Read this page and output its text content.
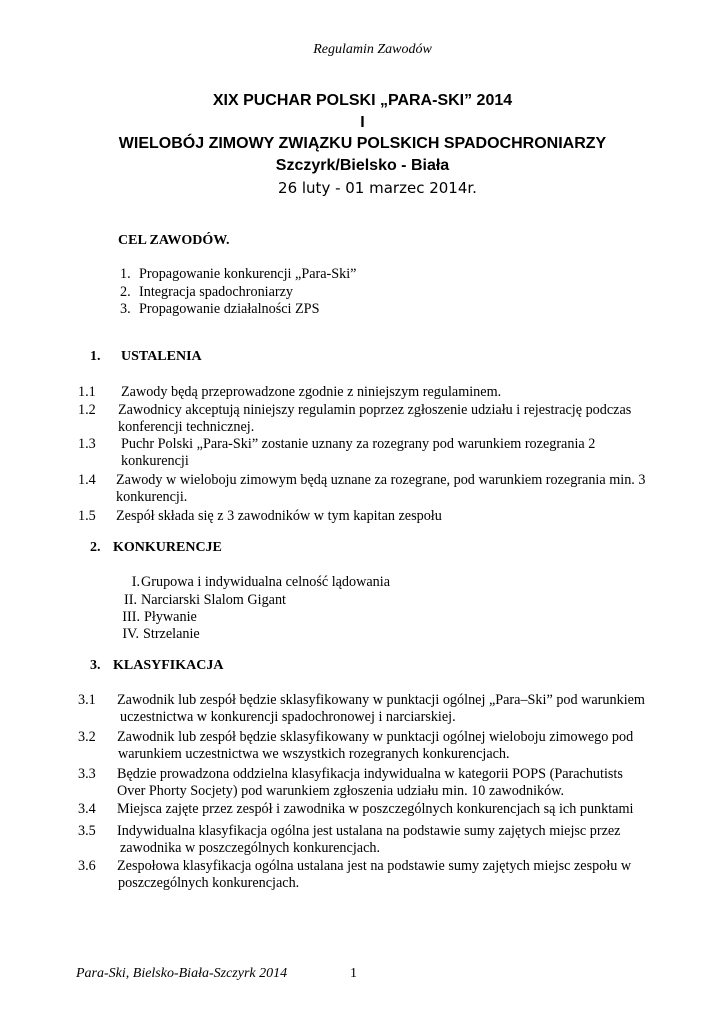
Regulamin Zawodów
XIX PUCHAR POLSKI „PARA-SKI” 2014
I
WIELOBÓJ ZIMOWY ZWIĄZKU POLSKICH SPADOCHRONIARZY
Szczyrk/Bielsko - Biała
26 luty - 01 marzec 2014r.
CEL ZAWODÓW.
1. Propagowanie konkurencji „Para-Ski”
2. Integracja spadochroniarzy
3. Propagowanie działalności ZPS
1. USTALENIA
1.1 Zawody będą przeprowadzone zgodnie z niniejszym regulaminem.
1.2 Zawodnicy akceptują niniejszy regulamin poprzez zgłoszenie udziału i rejestrację podczas
konferencji technicznej.
1.3 Puchr Polski „Para-Ski” zostanie uznany za rozegrany pod warunkiem rozegrania 2
konkurencji
1.4 Zawody w wieloboju zimowym będą uznane za rozegrane, pod warunkiem rozegrania min. 3
konkurencji.
1.5 Zespół składa się z 3 zawodników w tym kapitan zespołu
2. KONKURENCJE
I. Grupowa i indywidualna celność lądowania
II. Narciarski Slalom Gigant
III. Pływanie
IV. Strzelanie
3. KLASYFIKACJA
3.1 Zawodnik lub zespół będzie sklasyfikowany w punktacji ogólnej „Para–Ski” pod warunkiem
uczestnictwa w konkurencji spadochronowej i narciarskiej.
3.2 Zawodnik lub zespół będzie sklasyfikowany w punktacji ogólnej wieloboju zimowego pod
warunkiem uczestnictwa we wszystkich rozegranych konkurencjach.
3.3 Będzie prowadzona oddzielna klasyfikacja indywidualna w kategorii POPS (Parachutists
Over Phorty Socjety) pod warunkiem zgłoszenia udziału min. 10 zawodników.
3.4 Miejsca zajęte przez zespół i zawodnika w poszczególnych konkurencjach są ich punktami
3.5 Indywidualna klasyfikacja ogólna jest ustalana na podstawie sumy zajętych miejsc przez
zawodnika w poszczególnych konkurencjach.
3.6 Zespołowa klasyfikacja ogólna ustalana jest na podstawie sumy zajętych miejsc zespołu w
poszczególnych konkurencjach.
Para-Ski, Bielsko-Biała-Szczyrk 2014	1
